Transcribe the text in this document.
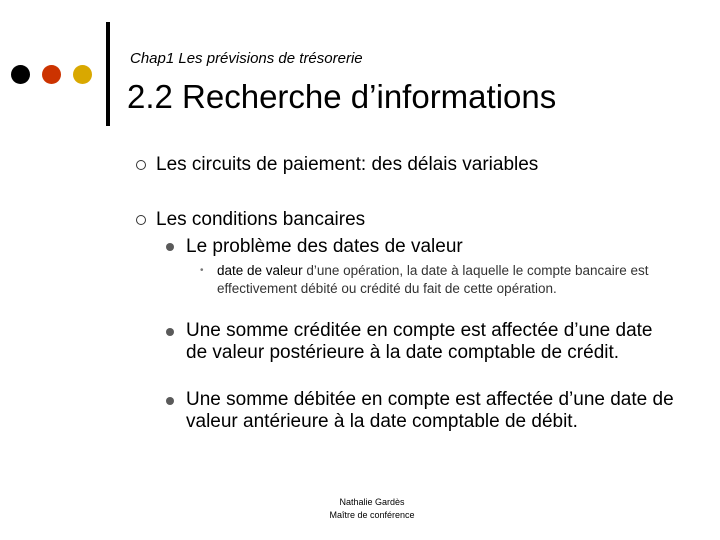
Chap1 Les prévisions de trésorerie
2.2 Recherche d’informations
Les circuits de paiement: des délais variables
Les conditions bancaires
Le problème des dates de valeur
• date de valeur d’une opération, la date à laquelle le compte bancaire est effectivement débité ou crédité du fait de cette opération.
Une somme créditée en compte est affectée d’une date de valeur postérieure à la date comptable de crédit.
Une somme débitée en compte est affectée d’une date de valeur antérieure à la date comptable de débit.
Nathalie Gardès
Maître de conférence
